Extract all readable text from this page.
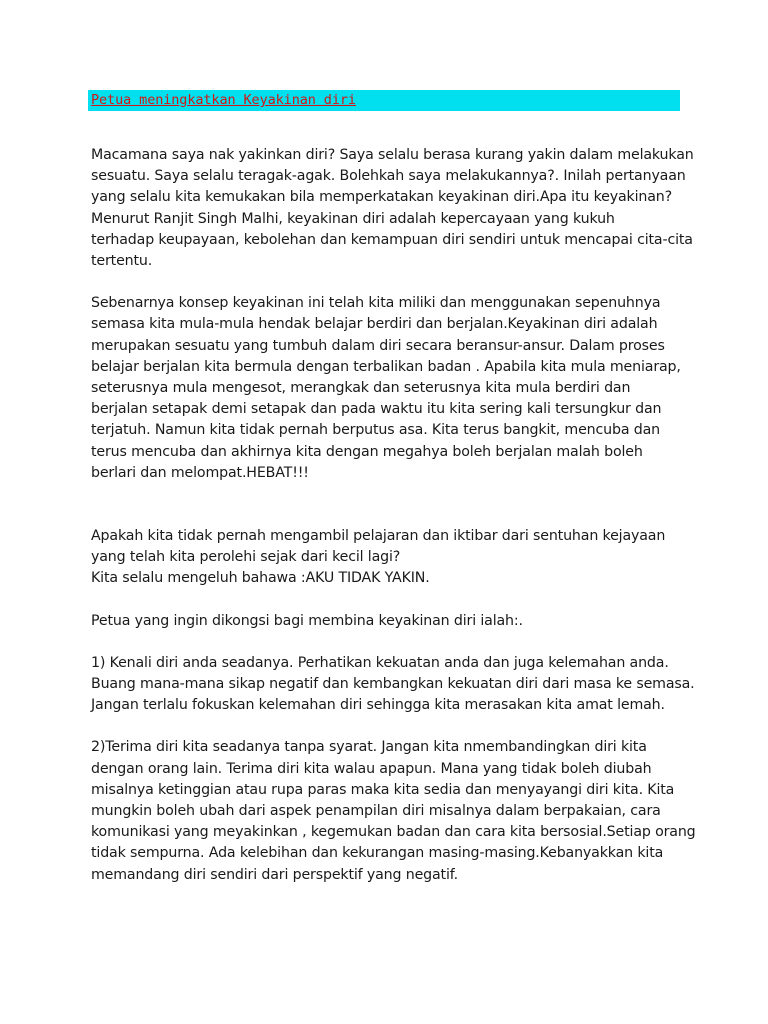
Petua meningkatkan Keyakinan diri
Macamana saya nak yakinkan diri? Saya selalu berasa kurang yakin dalam melakukan
sesuatu. Saya selalu teragak-agak. Bolehkah saya melakukannya?. Inilah pertanyaan
yang selalu kita kemukakan bila memperkatakan keyakinan diri.Apa itu keyakinan?
Menurut Ranjit Singh Malhi, keyakinan diri adalah kepercayaan yang kukuh
terhadap keupayaan, kebolehan dan kemampuan diri sendiri untuk mencapai cita-cita
tertentu.
Sebenarnya konsep keyakinan ini telah kita miliki dan menggunakan sepenuhnya
semasa kita mula-mula hendak belajar berdiri dan berjalan.Keyakinan diri adalah
merupakan sesuatu yang tumbuh dalam diri secara beransur-ansur. Dalam proses
belajar berjalan kita bermula dengan terbalikan badan . Apabila kita mula meniarap,
seterusnya mula mengesot, merangkak dan seterusnya kita mula berdiri dan
berjalan setapak demi setapak dan pada waktu itu kita sering kali tersungkur dan
terjatuh. Namun kita tidak pernah berputus asa. Kita terus bangkit, mencuba dan
terus mencuba dan akhirnya kita dengan megahya boleh berjalan malah boleh
berlari dan melompat.HEBAT!!!
Apakah kita tidak pernah mengambil pelajaran dan iktibar dari sentuhan kejayaan
yang telah kita perolehi sejak dari kecil lagi?
Kita selalu mengeluh bahawa :AKU TIDAK YAKIN.
Petua yang ingin dikongsi bagi membina keyakinan diri ialah:.
1) Kenali diri anda seadanya. Perhatikan kekuatan anda dan juga kelemahan anda.
Buang mana-mana sikap negatif dan kembangkan kekuatan diri dari masa ke semasa.
Jangan terlalu fokuskan kelemahan diri sehingga kita merasakan kita amat lemah.
2)Terima diri kita seadanya tanpa syarat. Jangan kita nmembandingkan diri kita
dengan orang lain. Terima diri kita walau apapun. Mana yang tidak boleh diubah
misalnya ketinggian atau rupa paras maka kita sedia dan menyayangi diri kita. Kita
mungkin boleh ubah dari aspek penampilan diri misalnya dalam berpakaian, cara
komunikasi yang meyakinkan , kegemukan badan dan cara kita bersosial.Setiap orang
tidak sempurna. Ada kelebihan dan kekurangan masing-masing.Kebanyakkan kita
memandang diri sendiri dari perspektif yang negatif.
